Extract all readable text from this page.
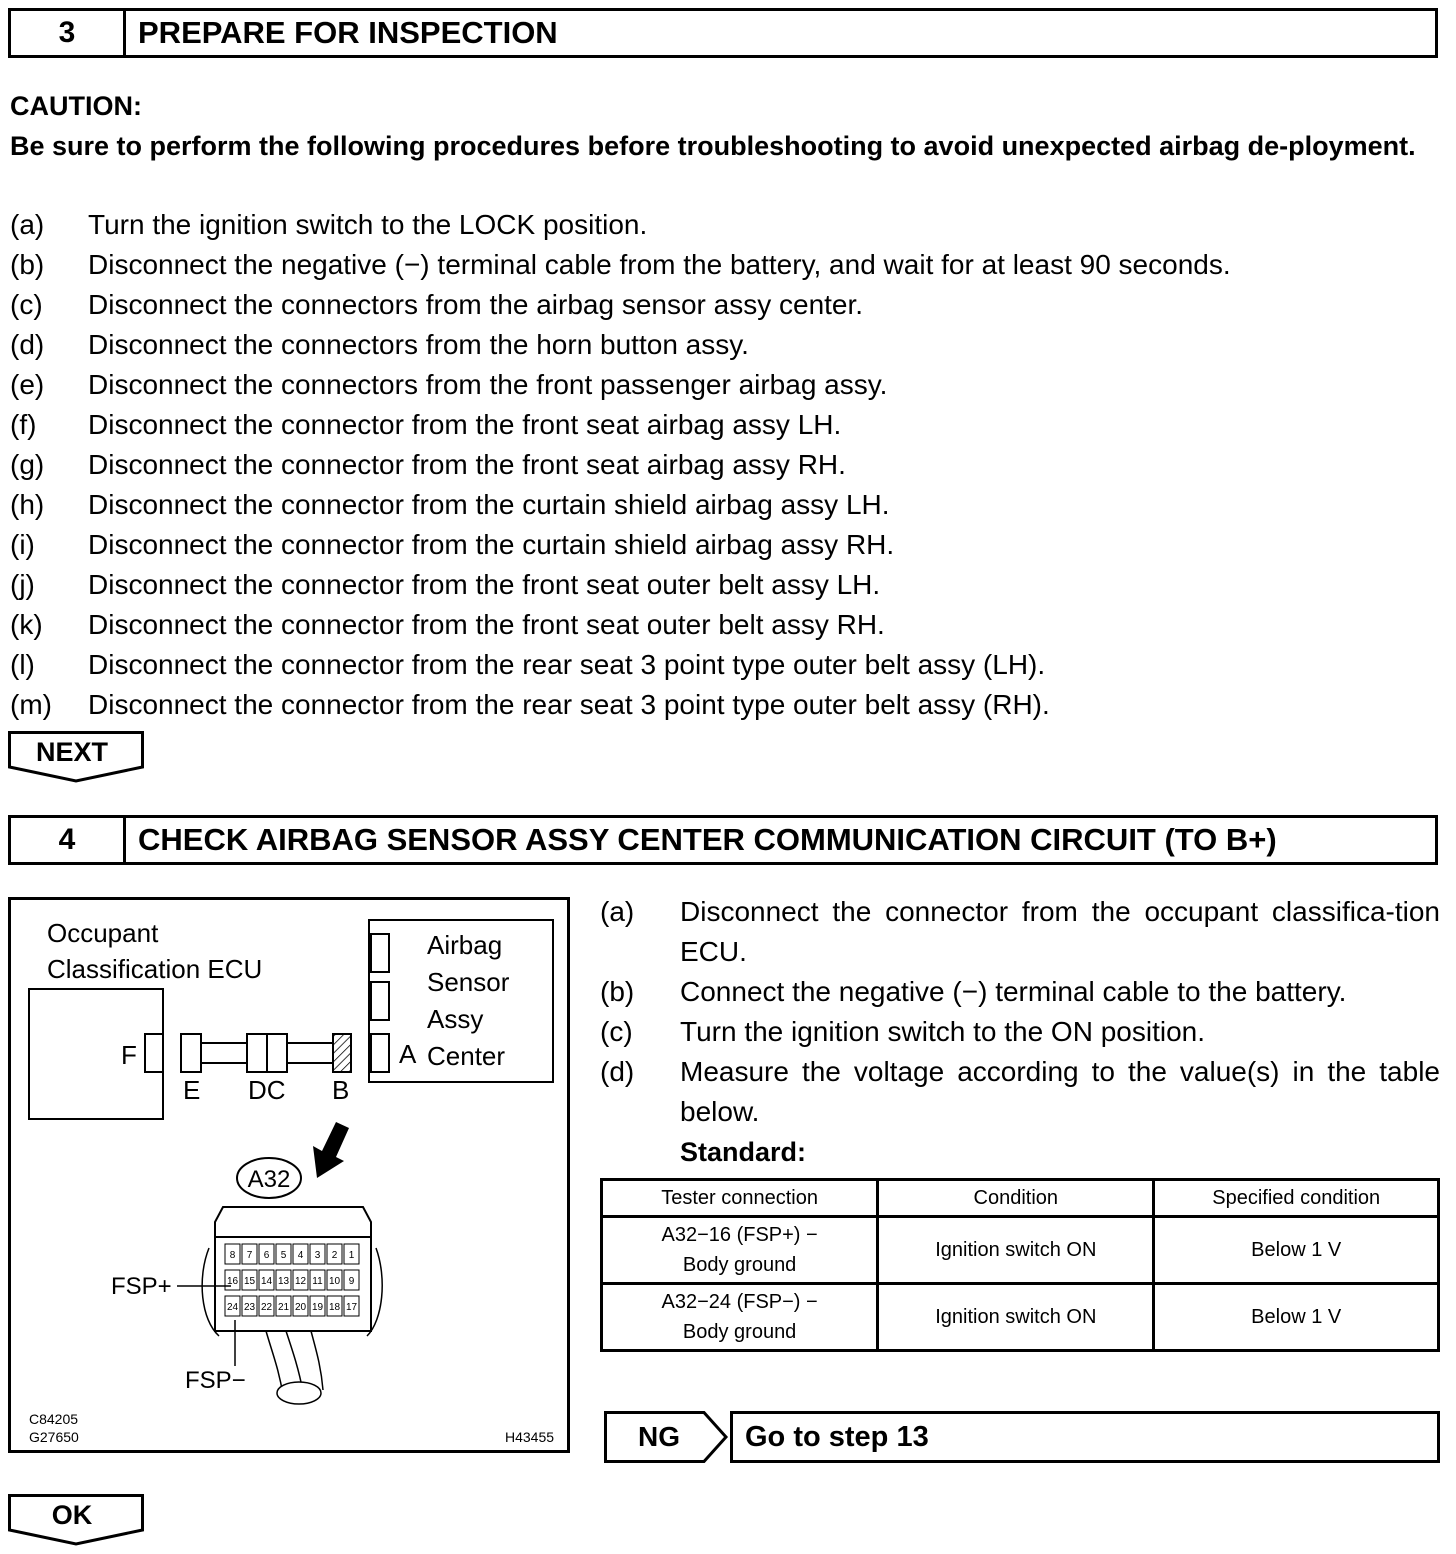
3	PREPARE FOR INSPECTION

CAUTION:

Be sure to perform the following procedures before troubleshooting to avoid unexpected airbag de-ployment.

(a)	Turn the ignition switch to the LOCK position.
(b)	Disconnect the negative (−) terminal cable from the battery, and wait for at least 90 seconds.
(c)	Disconnect the connectors from the airbag sensor assy center.
(d)	Disconnect the connectors from the horn button assy.
(e)	Disconnect the connectors from the front passenger airbag assy.
(f)	Disconnect the connector from the front seat airbag assy LH.
(g)	Disconnect the connector from the front seat airbag assy RH.
(h)	Disconnect the connector from the curtain shield airbag assy LH.
(i)	Disconnect the connector from the curtain shield airbag assy RH.
(j)	Disconnect the connector from the front seat outer belt assy LH.
(k)	Disconnect the connector from the front seat outer belt assy RH.
(l)	Disconnect the connector from the rear seat 3 point type outer belt assy (LH).
(m)	Disconnect the connector from the rear seat 3 point type outer belt assy (RH).
NEXT
4	CHECK AIRBAG SENSOR ASSY CENTER COMMUNICATION CIRCUIT (TO B+)
Occupant
Classification ECU
F
E DC B
A
Airbag
Sensor
Assy
Center
A32
8 7 6 5 4 3 2 1
16 15 14 13 12 11 10 9
24 23 22 21 20 19 18 17
FSP+
FSP−
C84205
G27650	H43455
(a)	Disconnect the connector from the occupant classifica-tion ECU.
(b)	Connect the negative (−) terminal cable to the battery.
(c)	Turn the ignition switch to the ON position.
(d)	Measure the voltage according to the value(s) in the table below.
Standard:
Tester connection	Condition	Specified condition
A32−16 (FSP+) −
Body ground	Ignition switch ON	Below 1 V
A32−24 (FSP−) −
Body ground	Ignition switch ON	Below 1 V
NG	Go to step 13
OK
